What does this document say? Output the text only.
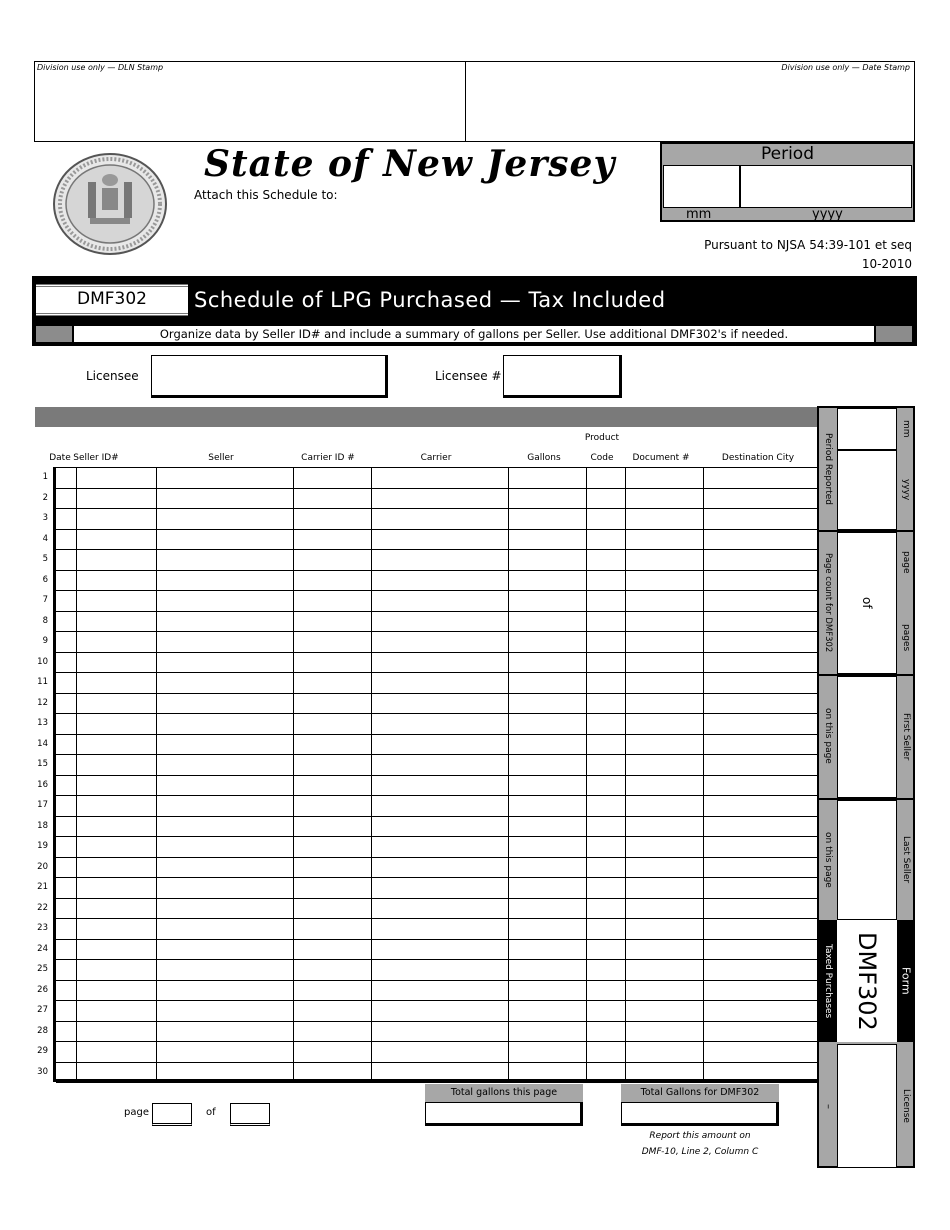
Division use only — DLN Stamp	Division use only — Date Stamp
State of New Jersey
Attach this Schedule to:
Period
mm	yyyy
Pursuant to NJSA 54:39-101 et seq
10-2010
DMF302	Schedule of LPG Purchased — Tax Included
Organize data by Seller ID# and include a summary of gallons per Seller. Use additional DMF302's if needed.
Licensee	Licensee #
Product
Date Seller ID#	Seller	Carrier ID #	Carrier	Gallons	Code	Document #	Destination City
1
2
3
4
5
6
7
8
9
10
11
12
13
14
15
16
17
18
19
20
21
22
23
24
25
26
27
28
29
30
page	of
Total gallons this page	Total Gallons for DMF302
Report this amount on
DMF-10, Line 2, Column C
Period Reported
mm
yyyy
Page count for DMF302	of
page
pages
on this page	First Seller
on this page	Last Seller
Taxed Purchases DMF302	Form
–	License
